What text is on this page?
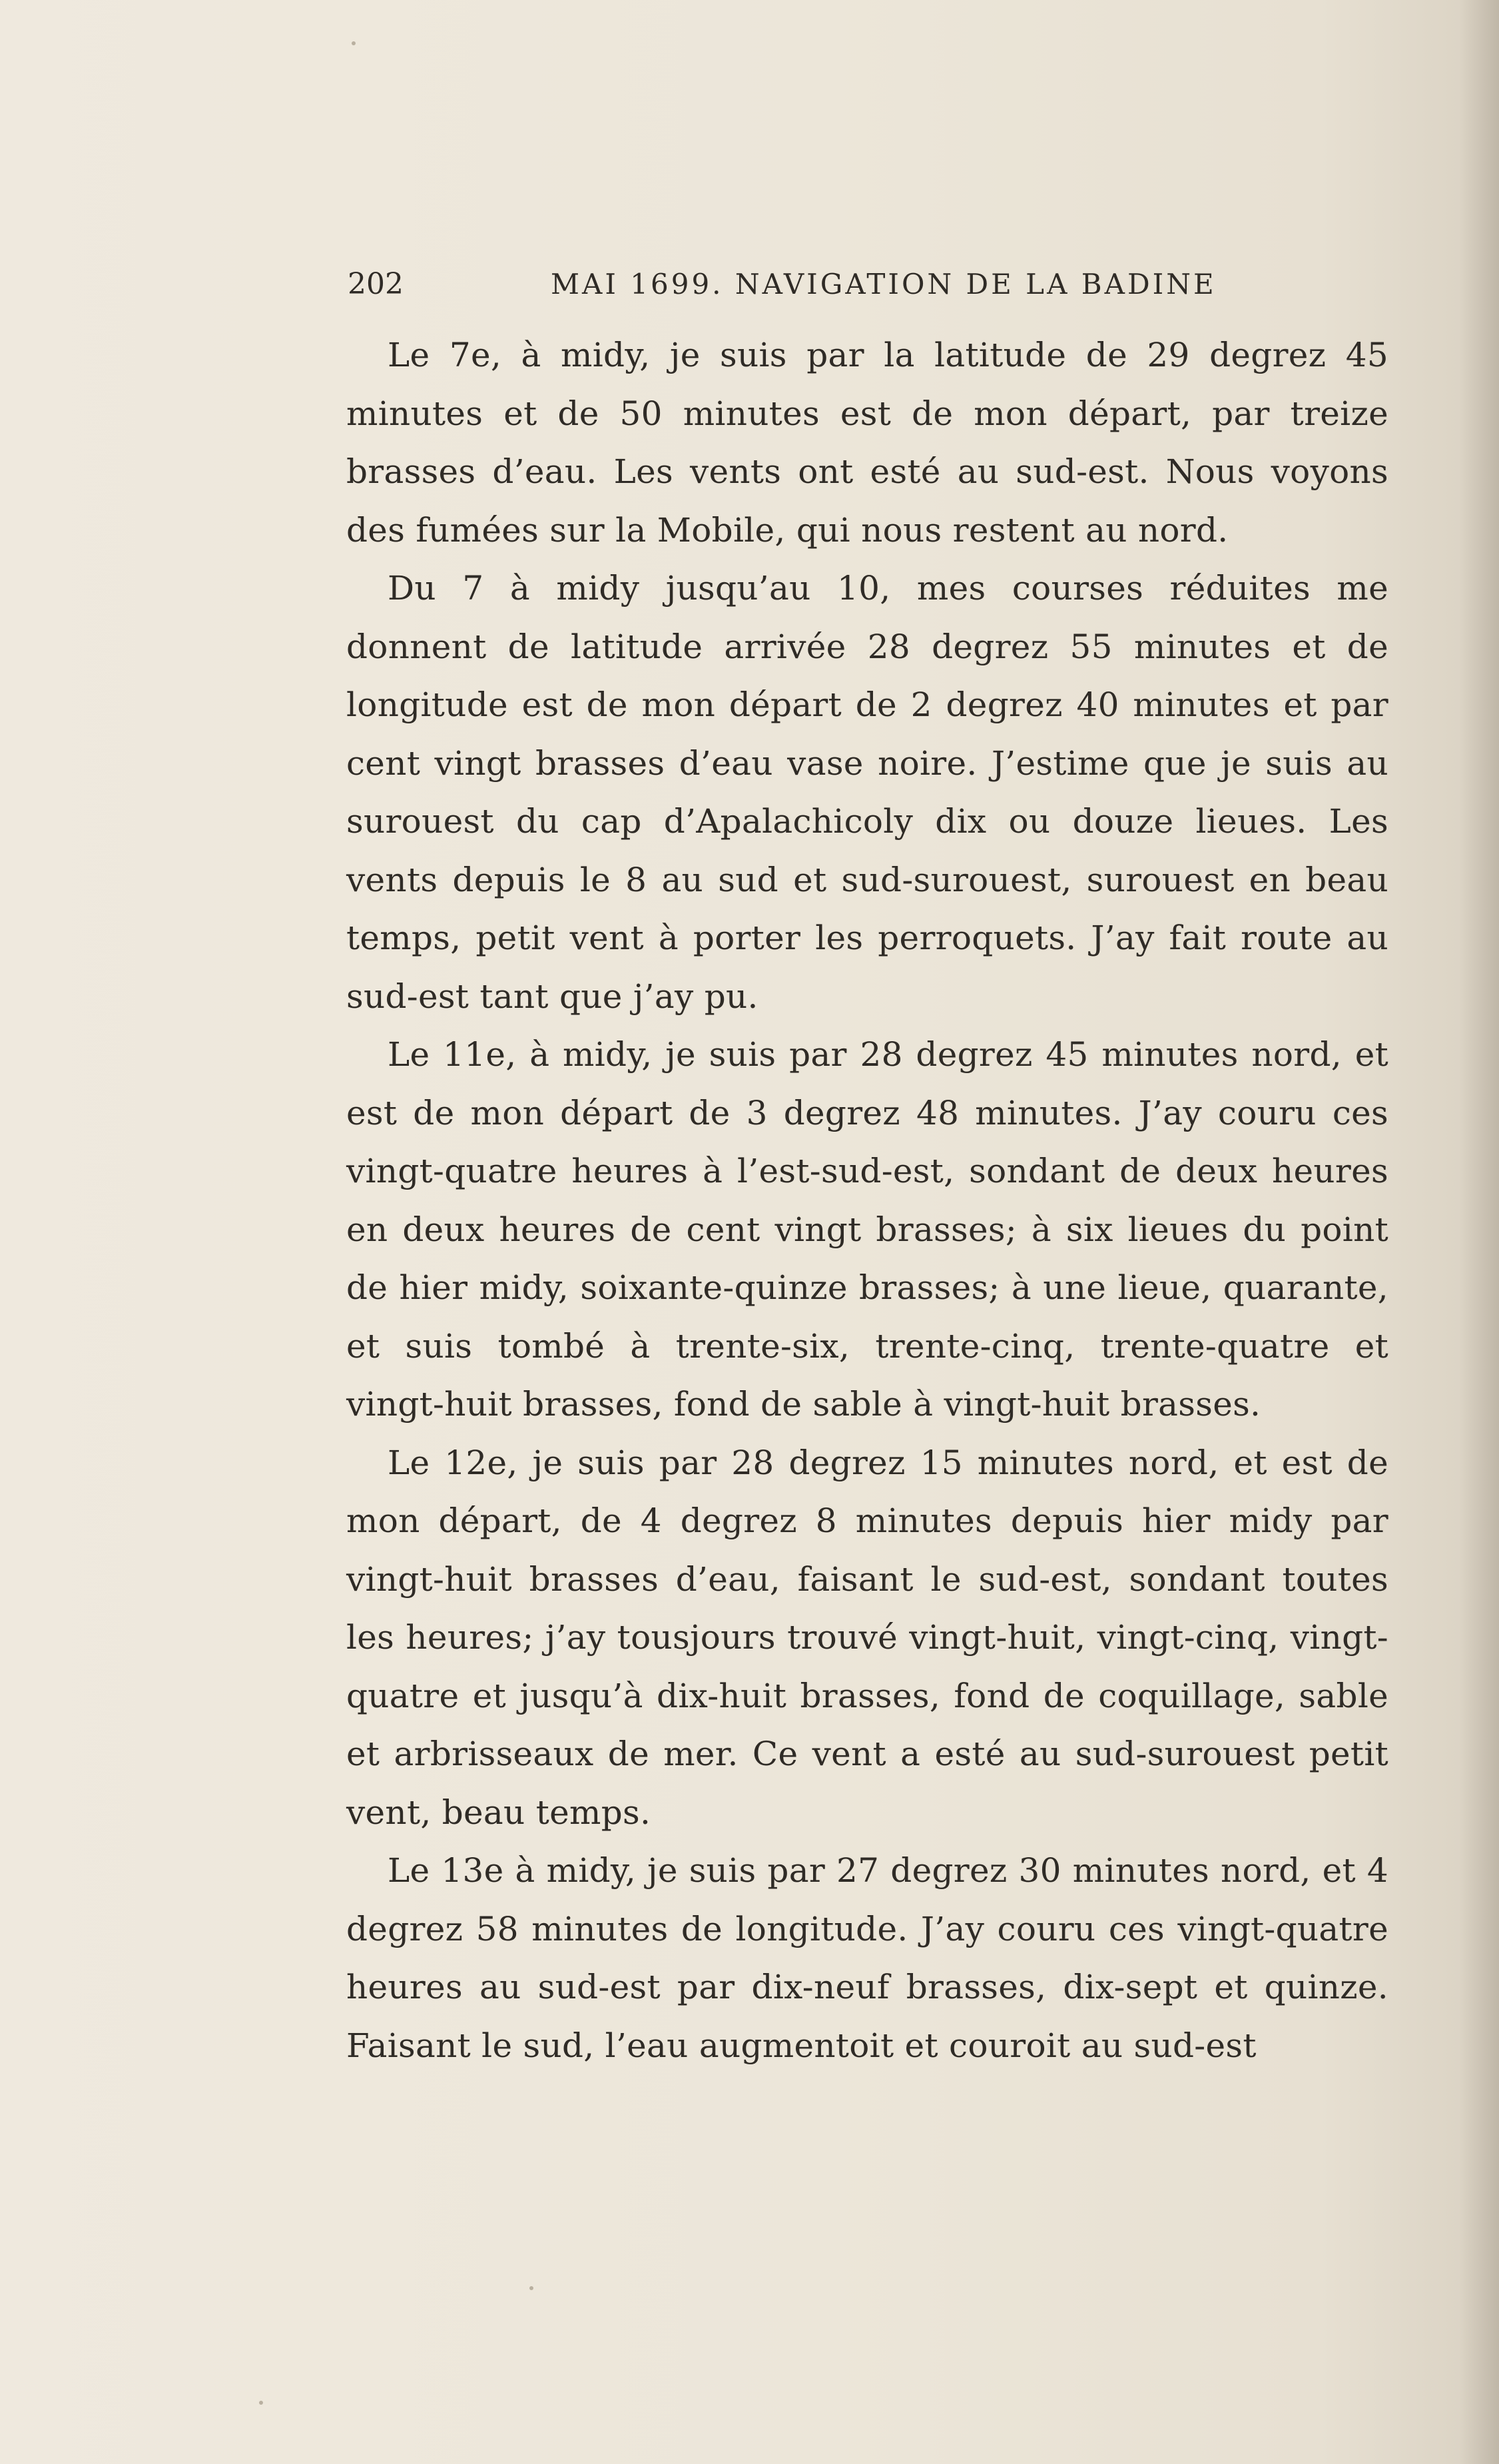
202	MAI 1699. NAVIGATION DE LA BADINE

Le 7e, à midy, je suis par la latitude de 29 degrez 45 minutes et de 50 minutes est de mon départ, par treize brasses d’eau. Les vents ont esté au sud-est. Nous voyons des fumées sur la Mobile, qui nous restent au nord.

Du 7 à midy jusqu’au 10, mes courses réduites me donnent de latitude arrivée 28 degrez 55 minutes et de longitude est de mon départ de 2 degrez 40 minutes et par cent vingt brasses d’eau vase noire. J’estime que je suis au surouest du cap d’Apalachicoly dix ou douze lieues. Les vents depuis le 8 au sud et sud-surouest, surouest en beau temps, petit vent à porter les perroquets. J’ay fait route au sud-est tant que j’ay pu.

Le 11e, à midy, je suis par 28 degrez 45 minutes nord, et est de mon départ de 3 degrez 48 minutes. J’ay couru ces vingt-quatre heures à l’est-sud-est, sondant de deux heures en deux heures de cent vingt brasses; à six lieues du point de hier midy, soixante-quinze brasses; à une lieue, quarante, et suis tombé à trente-six, trente-cinq, trente-quatre et vingt-huit brasses, fond de sable à vingt-huit brasses.

Le 12e, je suis par 28 degrez 15 minutes nord, et est de mon départ, de 4 degrez 8 minutes depuis hier midy par vingt-huit brasses d’eau, faisant le sud-est, sondant toutes les heures; j’ay tousjours trouvé vingt-huit, vingt-cinq, vingt-quatre et jusqu’à dix-huit brasses, fond de coquillage, sable et arbrisseaux de mer. Ce vent a esté au sud-surouest petit vent, beau temps.

Le 13e à midy, je suis par 27 degrez 30 minutes nord, et 4 degrez 58 minutes de longitude. J’ay couru ces vingt-quatre heures au sud-est par dix-neuf brasses, dix-sept et quinze. Faisant le sud, l’eau augmentoit et couroit au sud-est
